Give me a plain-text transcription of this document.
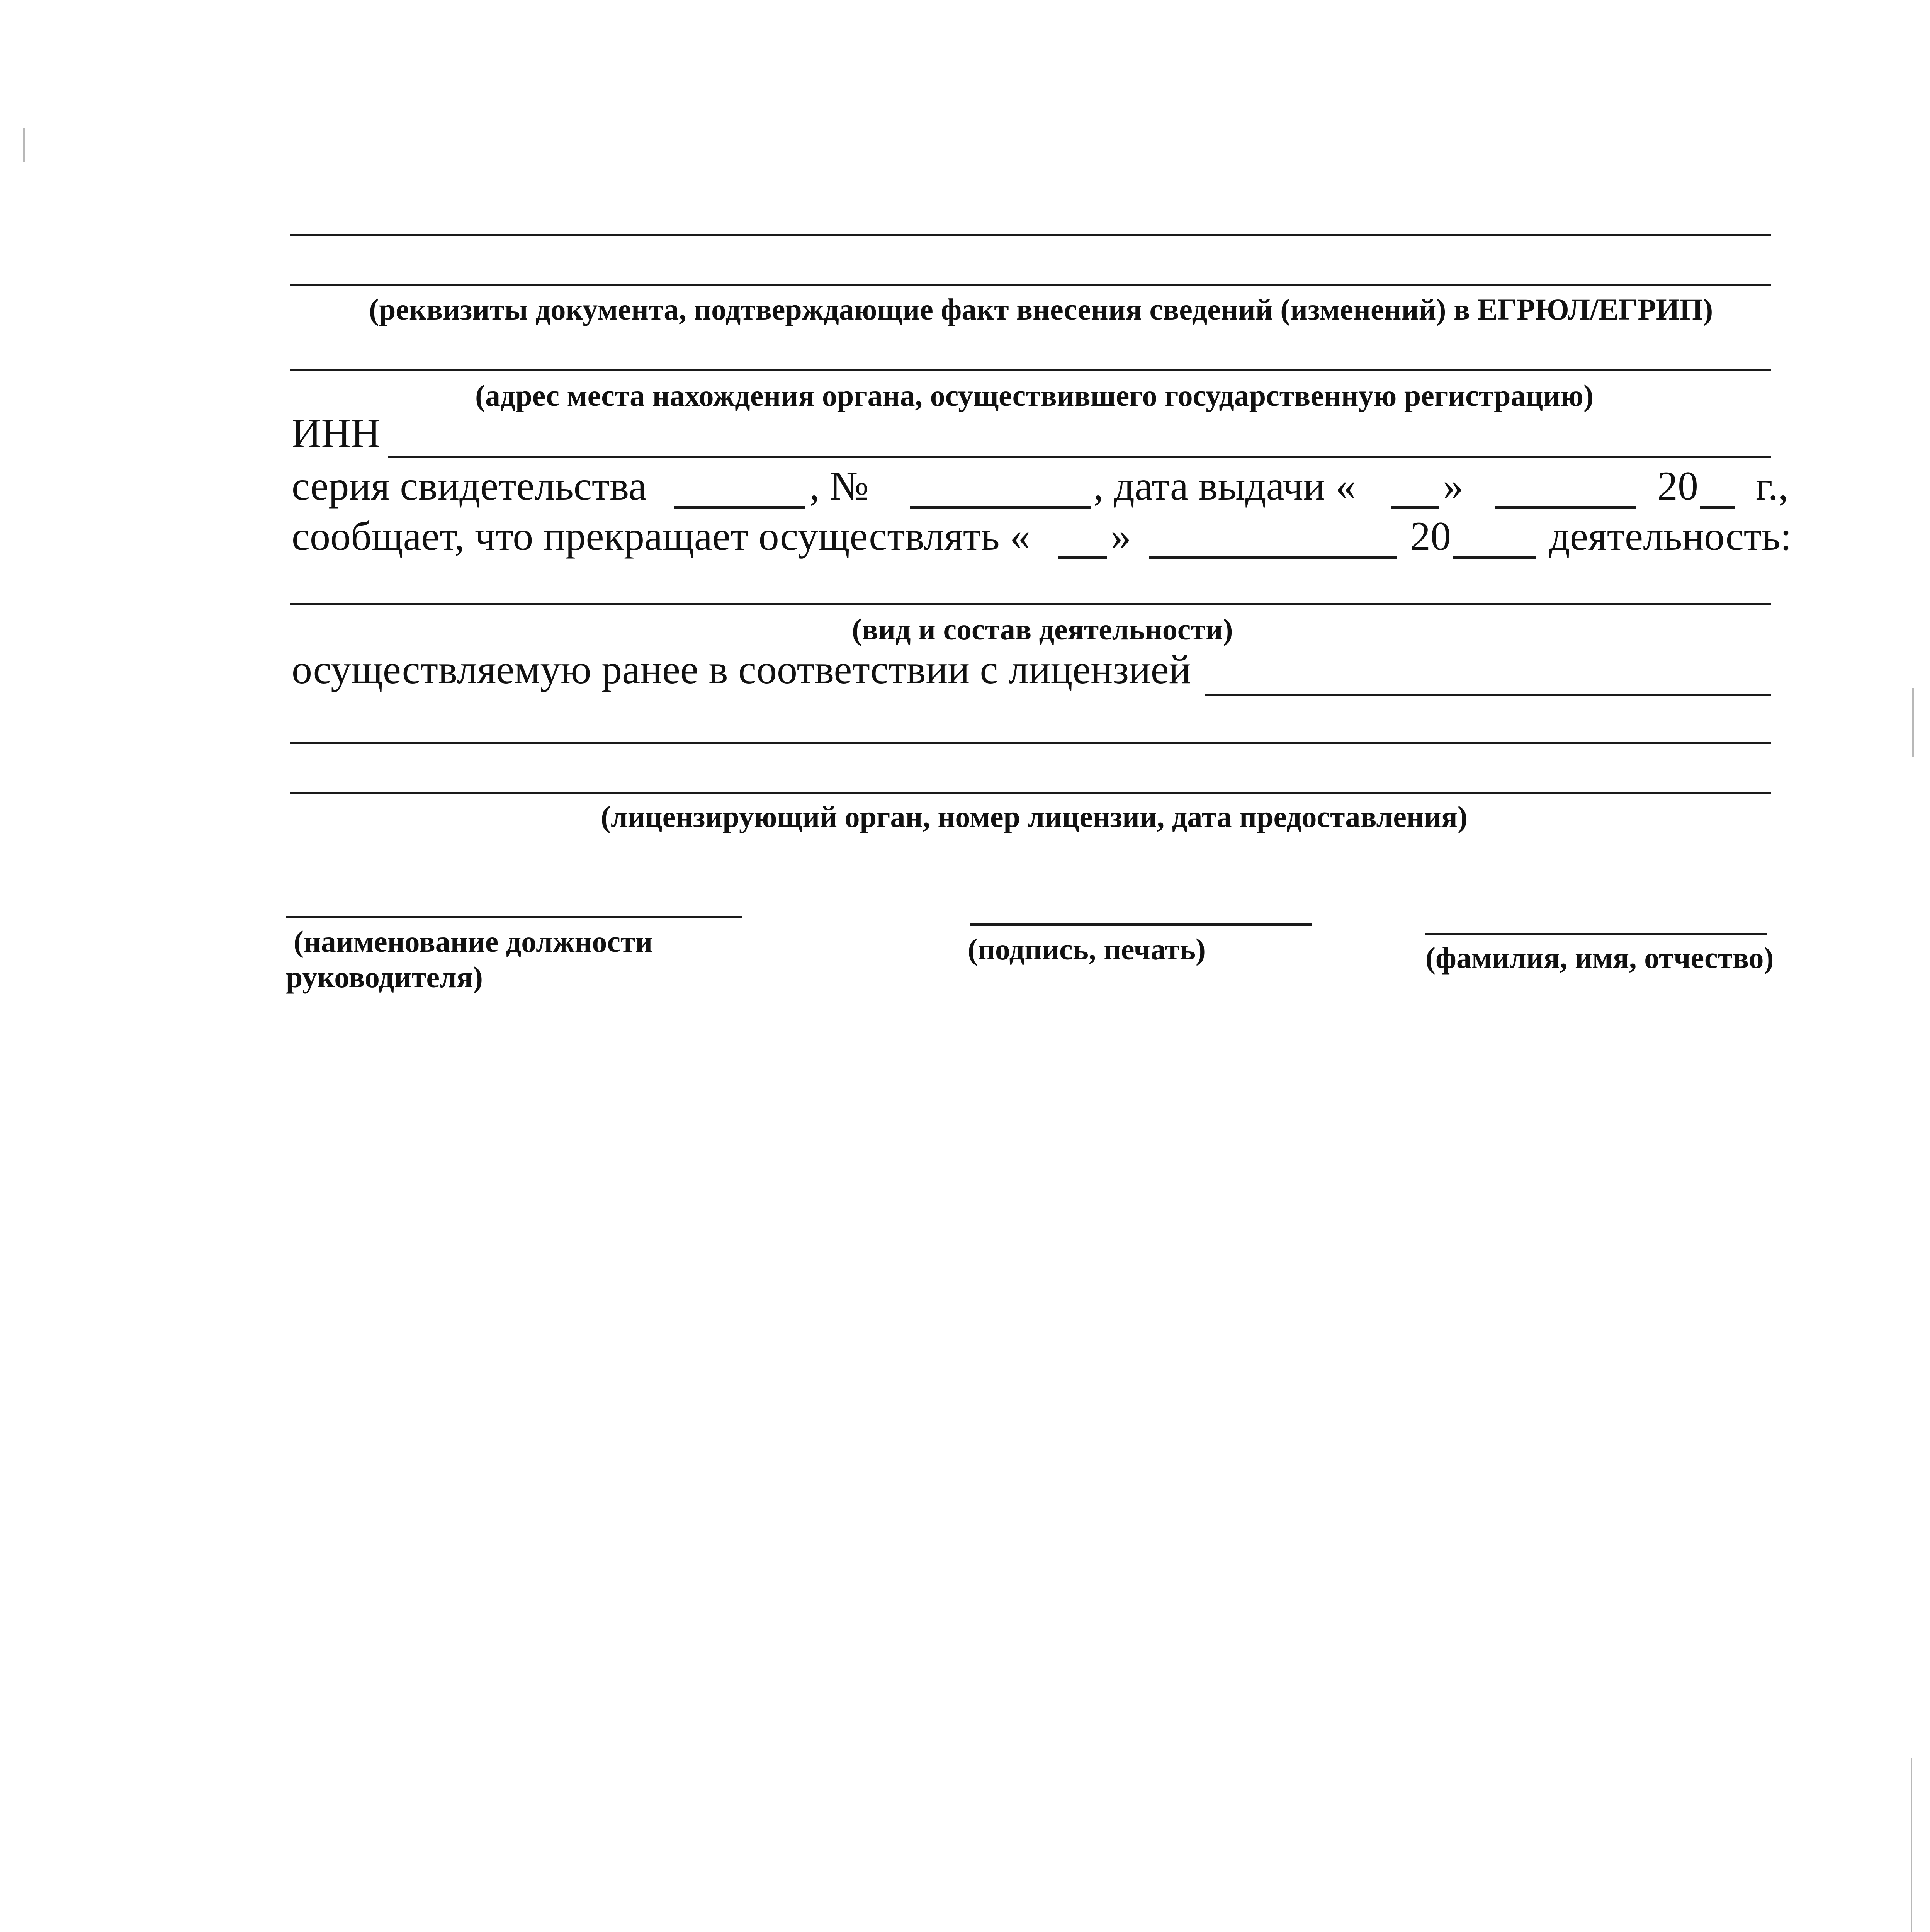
(реквизиты документа, подтверждающие факт внесения сведений (изменений) в ЕГРЮЛ/ЕГРИП)
(адрес места нахождения органа, осуществившего государственную регистрацию)
ИНН
серия свидетельства	, №	, дата выдачи « »	20 г.,
сообщает, что прекращает осуществлять « »	20 деятельность:
(вид и состав деятельности)
осуществляемую ранее в соответствии с лицензией
(лицензирующий орган, номер лицензии, дата предоставления)
(наименование должности
руководителя)
(подпись, печать)	(фамилия, имя, отчество)
